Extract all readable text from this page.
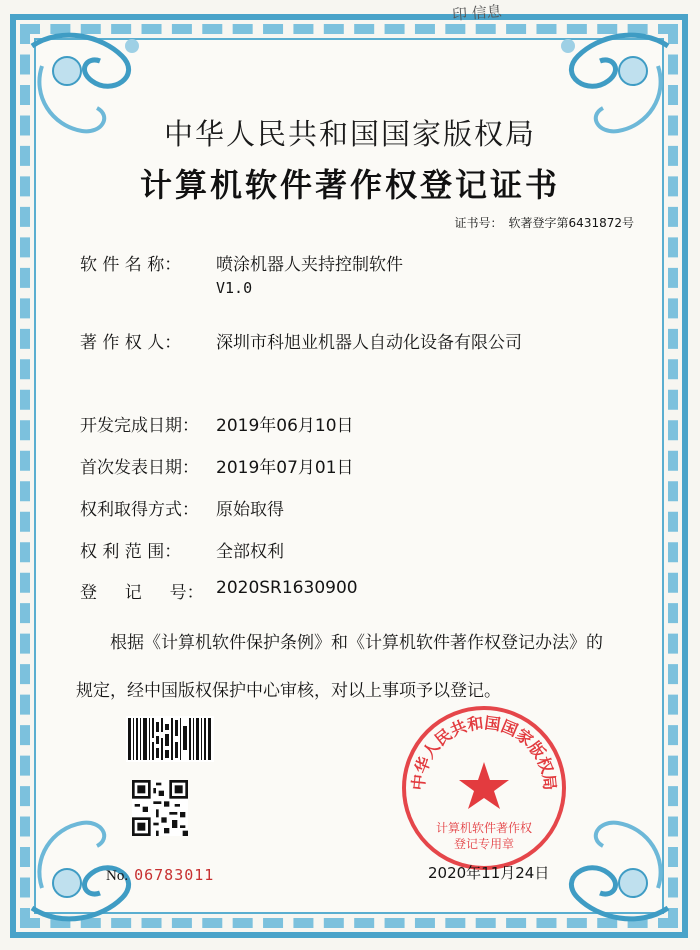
印 信息
中华人民共和国国家版权局
计算机软件著作权登记证书
证书号： 软著登字第6431872号
软 件 名 称：	喷涂机器人夹持控制软件
V1.0
著 作 权 人：	深圳市科旭业机器人自动化设备有限公司
开发完成日期：	2019年06月10日
首次发表日期：	2019年07月01日
权利取得方式：	原始取得
权 利 范 围：	全部权利
登 　 记 　 号： 2020SR1630900
根据《计算机软件保护条例》和《计算机软件著作权登记办法》的
规定，经中国版权保护中心审核，对以上事项予以登记。
No. 06783011
中华人民共和国国家版权局
计算机软件著作权
登记专用章
2020年11月24日
